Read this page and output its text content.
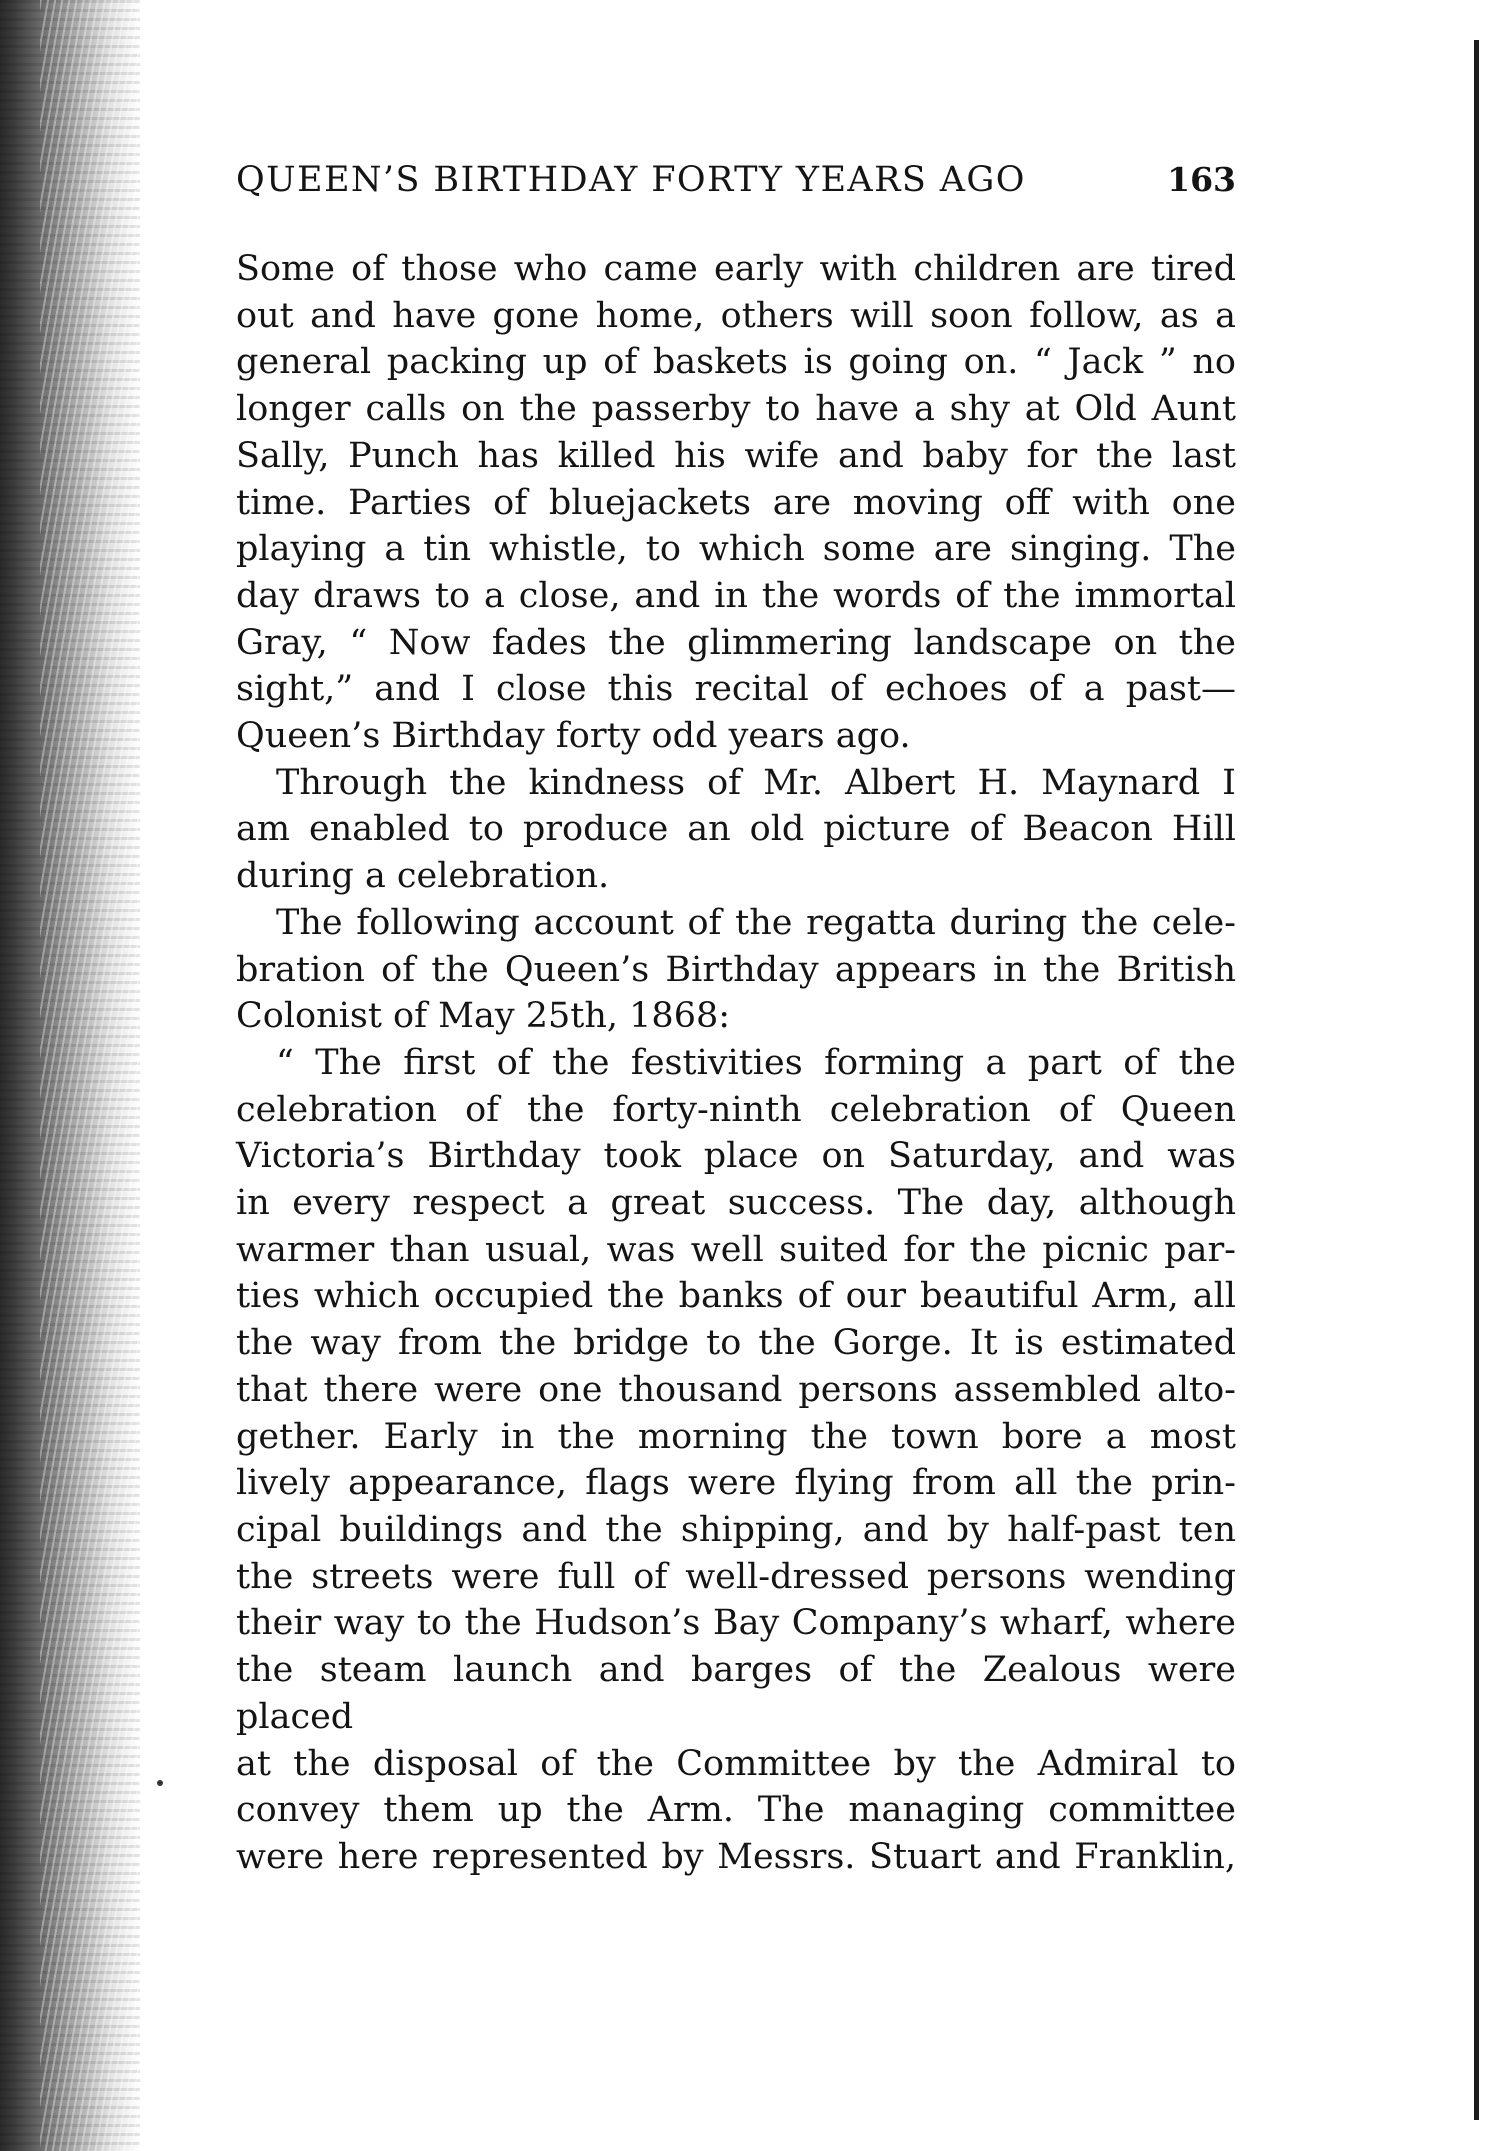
QUEEN’S BIRTHDAY FORTY YEARS AGO	163

Some of those who came early with children are tired

out and have gone home, others will soon follow, as a

general packing up of baskets is going on. “ Jack ” no

longer calls on the passerby to have a shy at Old Aunt

Sally, Punch has killed his wife and baby for the last

time. Parties of bluejackets are moving off with one

playing a tin whistle, to which some are singing. The

day draws to a close, and in the words of the immortal

Gray, “ Now fades the glimmering landscape on the

sight,” and I close this recital of echoes of a past—

Queen’s Birthday forty odd years ago.

Through the kindness of Mr. Albert H. Maynard I

am enabled to produce an old picture of Beacon Hill

during a celebration.

The following account of the regatta during the cele-

bration of the Queen’s Birthday appears in the British

Colonist of May 25th, 1868:

“ The first of the festivities forming a part of the

celebration of the forty-ninth celebration of Queen

Victoria’s Birthday took place on Saturday, and was

in every respect a great success. The day, although

warmer than usual, was well suited for the picnic par-

ties which occupied the banks of our beautiful Arm, all

the way from the bridge to the Gorge. It is estimated

that there were one thousand persons assembled alto-

gether. Early in the morning the town bore a most

lively appearance, flags were flying from all the prin-

cipal buildings and the shipping, and by half-past ten

the streets were full of well-dressed persons wending

their way to the Hudson’s Bay Company’s wharf, where

the steam launch and barges of the Zealous were placed

at the disposal of the Committee by the Admiral to

convey them up the Arm. The managing committee

were here represented by Messrs. Stuart and Franklin,
